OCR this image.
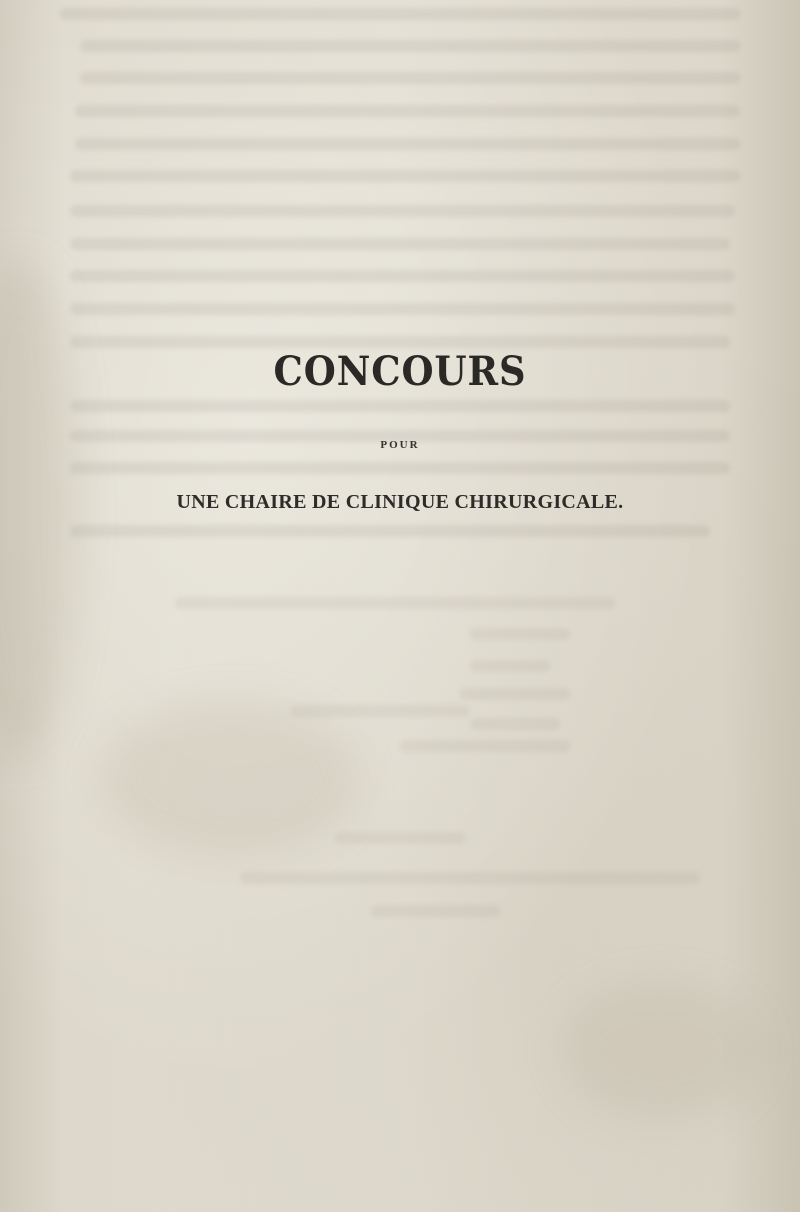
CONCOURS
POUR
UNE CHAIRE DE CLINIQUE CHIRURGICALE.
